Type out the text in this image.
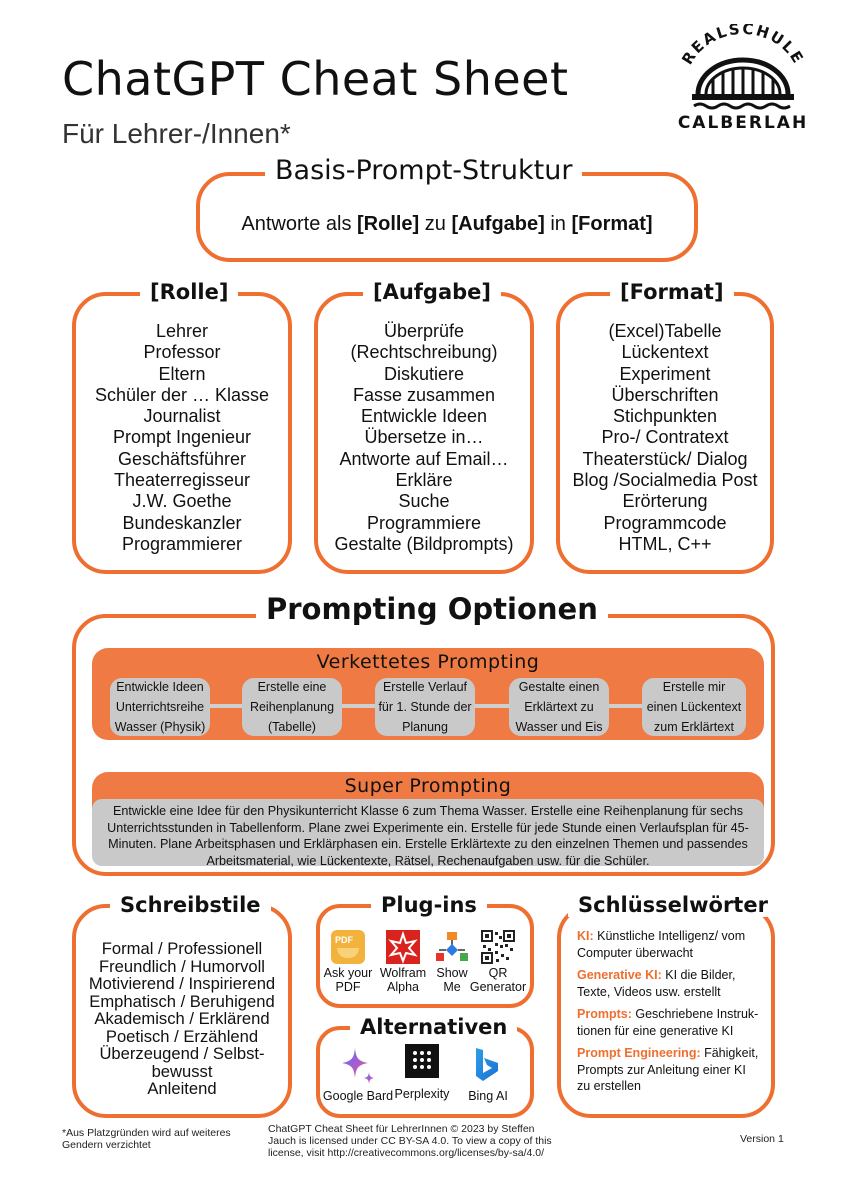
ChatGPT Cheat Sheet
Für Lehrer-/Innen*
REALSCHULE
CALBERLAH
Basis-Prompt-Struktur
Antworte als [Rolle] zu [Aufgabe] in [Format]
[Rolle]
Lehrer
Professor
Eltern
Schüler der … Klasse
Journalist
Prompt Ingenieur
Geschäftsführer
Theaterregisseur
J.W. Goethe
Bundeskanzler
Programmierer
[Aufgabe]
Überprüfe
(Rechtschreibung)
Diskutiere
Fasse zusammen
Entwickle Ideen
Übersetze in…
Antworte auf Email…
Erkläre
Suche
Programmiere
Gestalte (Bildprompts)
[Format]
(Excel)Tabelle
Lückentext
Experiment
Überschriften
Stichpunkten
Pro-/ Contratext
Theaterstück/ Dialog
Blog /Socialmedia Post
Erörterung
Programmcode
HTML, C++
Prompting Optionen
Verkettetes Prompting
Entwickle Ideen
Unterrichtsreihe
Wasser (Physik)
Erstelle eine
Reihenplanung
(Tabelle)
Erstelle Verlauf
für 1. Stunde der
Planung
Gestalte einen
Erklärtext zu
Wasser und Eis
Erstelle mir
einen Lückentext
zum Erklärtext
Super Prompting
Entwickle eine Idee für den Physikunterricht Klasse 6 zum Thema Wasser. Erstelle eine Reihenplanung für sechs
Unterrichtsstunden in Tabellenform. Plane zwei Experimente ein. Erstelle für jede Stunde einen Verlaufsplan für 45-
Minuten. Plane Arbeitsphasen und Erklärphasen ein. Erstelle Erklärtexte zu den einzelnen Themen und passendes
Arbeitsmaterial, wie Lückentexte, Rätsel, Rechenaufgaben usw. für die Schüler.
Schreibstile
Formal / Professionell
Freundlich / Humorvoll
Motivierend / Inspirierend
Emphatisch / Beruhigend
Akademisch / Erklärend
Poetisch / Erzählend
Überzeugend / Selbst-
bewusst
Anleitend
Plug-ins
PDF
Ask your
PDF
Wolfram
Alpha
Show
Me
QR
Generator
Alternativen
Google Bard Perplexity	Bing AI
Schlüsselwörter
KI: Künstliche Intelligenz/ vom
Computer überwacht
Generative KI: KI die Bilder,
Texte, Videos usw. erstellt
Prompts: Geschriebene Instruk-
tionen für eine generative KI
Prompt Engineering: Fähigkeit,
Prompts zur Anleitung einer KI
zu erstellen
*Aus Platzgründen wird auf weiteres
Gendern verzichtet
ChatGPT Cheat Sheet für LehrerInnen © 2023 by Steffen
Jauch is licensed under CC BY-SA 4.0. To view a copy of this
license, visit http://creativecommons.org/licenses/by-sa/4.0/
Version 1
